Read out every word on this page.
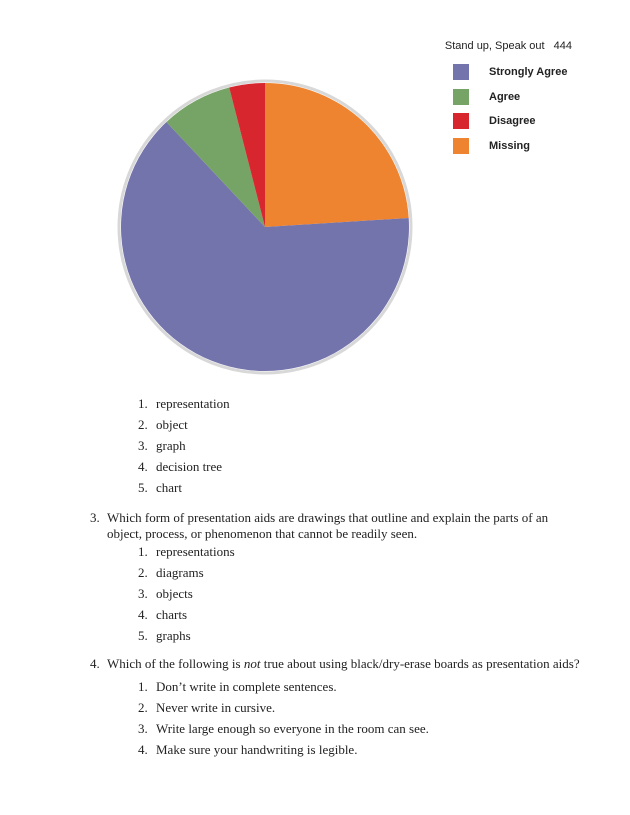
Stand up, Speak out 444
Strongly Agree
Agree
Disagree
Missing
1. representation
2. object
3. graph
4. decision tree
5. chart
3. Which form of presentation aids are drawings that outline and explain the parts of an object, process, or phenomenon that cannot be readily seen.
1. representations
2. diagrams
3. objects
4. charts
5. graphs
4. Which of the following is not true about using black/dry-erase boards as presentation aids?
1. Don’t write in complete sentences.
2. Never write in cursive.
3. Write large enough so everyone in the room can see.
4. Make sure your handwriting is legible.
